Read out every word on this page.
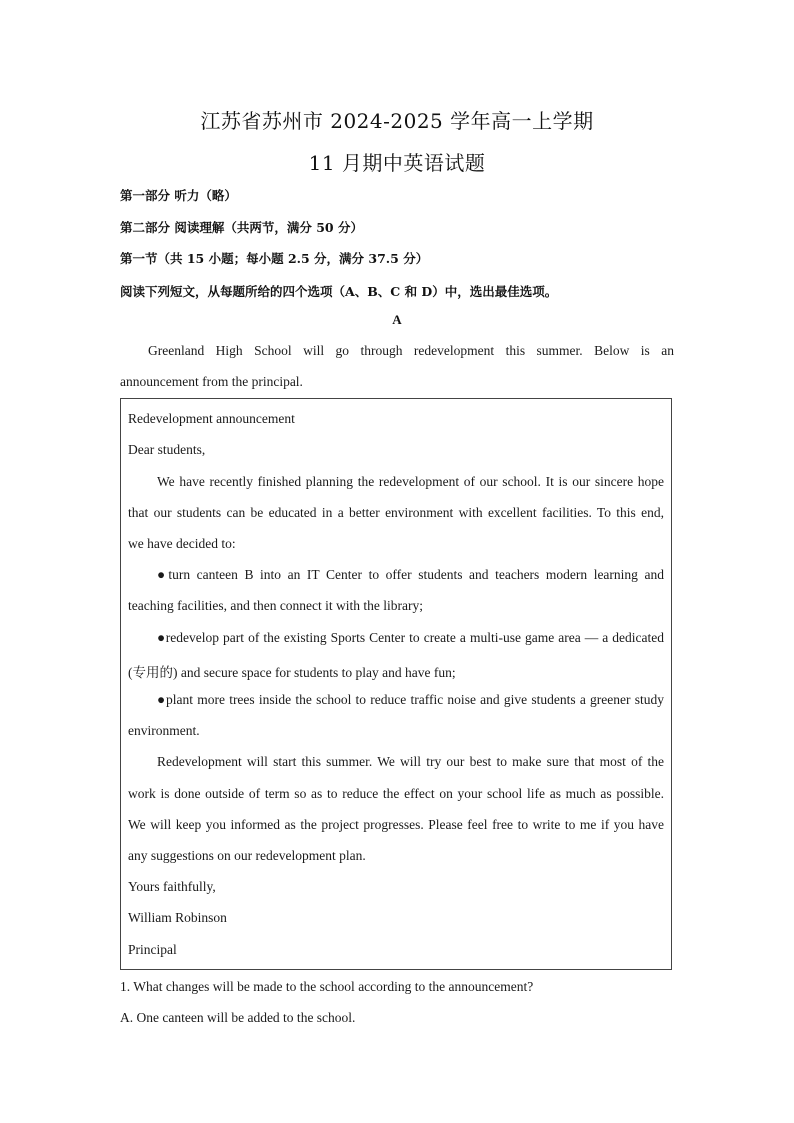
江苏省苏州市 2024-2025 学年高一上学期
11 月期中英语试题
第一部分 听力（略）
第二部分 阅读理解（共两节，满分 50 分）
第一节（共 15 小题；每小题 2.5 分，满分 37.5 分）
阅读下列短文，从每题所给的四个选项（A、B、C 和 D）中，选出最佳选项。
A
Greenland High School will go through redevelopment this summer. Below is an
announcement from the principal.
Redevelopment announcement
Dear students,
We have recently finished planning the redevelopment of our school. It is our sincere hope
that our students can be educated in a better environment with excellent facilities. To this end,
we have decided to:
●turn canteen B into an IT Center to offer students and teachers modern learning and
teaching facilities, and then connect it with the library;
●redevelop part of the existing Sports Center to create a multi-use game area — a dedicated
(专用的) and secure space for students to play and have fun;
●plant more trees inside the school to reduce traffic noise and give students a greener study
environment.
Redevelopment will start this summer. We will try our best to make sure that most of the
work is done outside of term so as to reduce the effect on your school life as much as possible.
We will keep you informed as the project progresses. Please feel free to write to me if you have
any suggestions on our redevelopment plan.
Yours faithfully,
William Robinson
Principal
1. What changes will be made to the school according to the announcement?
A. One canteen will be added to the school.
